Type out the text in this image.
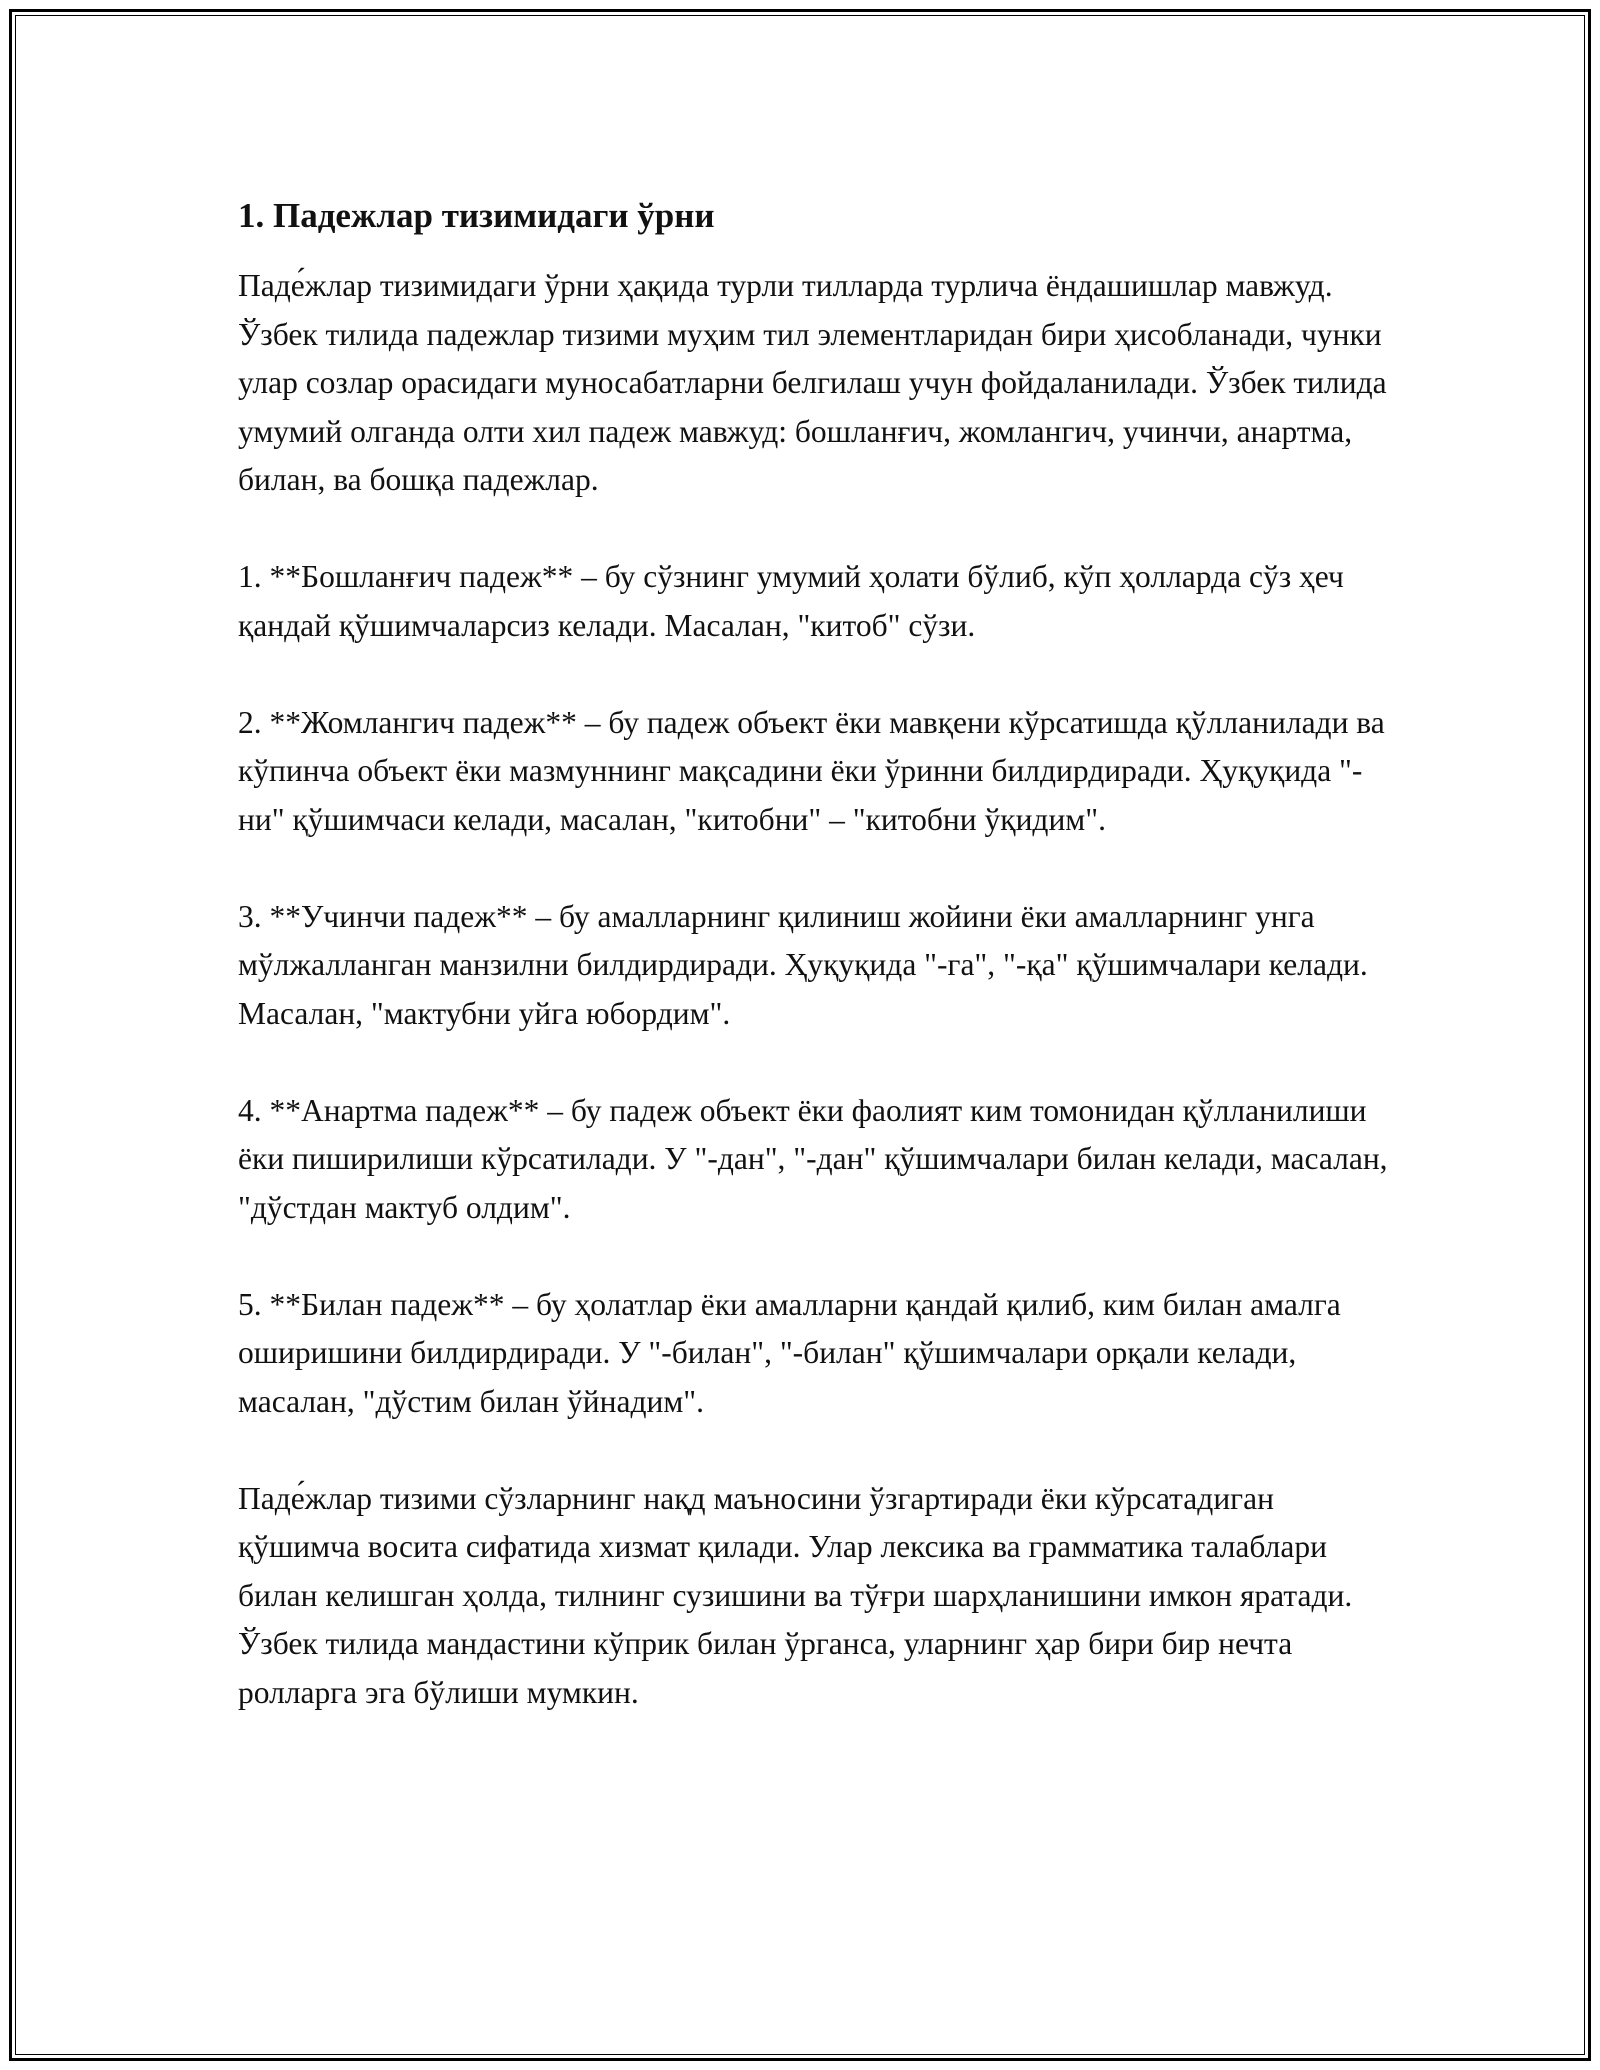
1. Падежлар тизимидаги ўрни

Паде́жлар тизимидаги ўрни ҳақида турли тилларда турлича ёндашишлар мавжуд. Ўзбек тилида падежлар тизими муҳим тил элементларидан бири ҳисобланади, чунки улар созлар орасидаги муносабатларни белгилаш учун фойдаланилади. Ўзбек тилида умумий олганда олти хил падеж мавжуд: бошланғич, жомлангич, учинчи, анартма, билан, ва бошқа падежлар.

1. **Бошланғич падеж** – бу сўзнинг умумий ҳолати бўлиб, кўп ҳолларда сўз ҳеч қандай қўшимчаларсиз келади. Масалан, "китоб" сўзи.

2. **Жомлангич падеж** – бу падеж объект ёки мавқени кўрсатишда қўлланилади ва кўпинча объект ёки мазмуннинг мақсадини ёки ўринни билдирдиради. Ҳуқуқида "-ни" қўшимчаси келади, масалан, "китобни" – "китобни ўқидим".

3. **Учинчи падеж** – бу амалларнинг қилиниш жойини ёки амалларнинг унга мўлжалланган манзилни билдирдиради. Ҳуқуқида "-га", "-қа" қўшимчалари келади. Масалан, "мактубни уйга юбордим".

4. **Анартма падеж** – бу падеж объект ёки фаолият ким томонидан қўлланилиши ёки пиширилиши кўрсатилади. У "-дан", "-дан" қўшимчалари билан келади, масалан, "дўстдан мактуб олдим".

5. **Билан падеж** – бу ҳолатлар ёки амалларни қандай қилиб, ким билан амалга оширишини билдирдиради. У "-билан", "-билан" қўшимчалари орқали келади, масалан, "дўстим билан ўйнадим".

Паде́жлар тизими сўзларнинг нақд маъносини ўзгартиради ёки кўрсатадиган қўшимча восита сифатида хизмат қилади. Улар лексика ва грамматика талаблари билан келишган ҳолда, тилнинг сузишини ва тўғри шарҳланишини имкон яратади. Ўзбек тилида мандастини кўприк билан ўрганса, уларнинг ҳар бири бир нечта ролларга эга бўлиши мумкин.
